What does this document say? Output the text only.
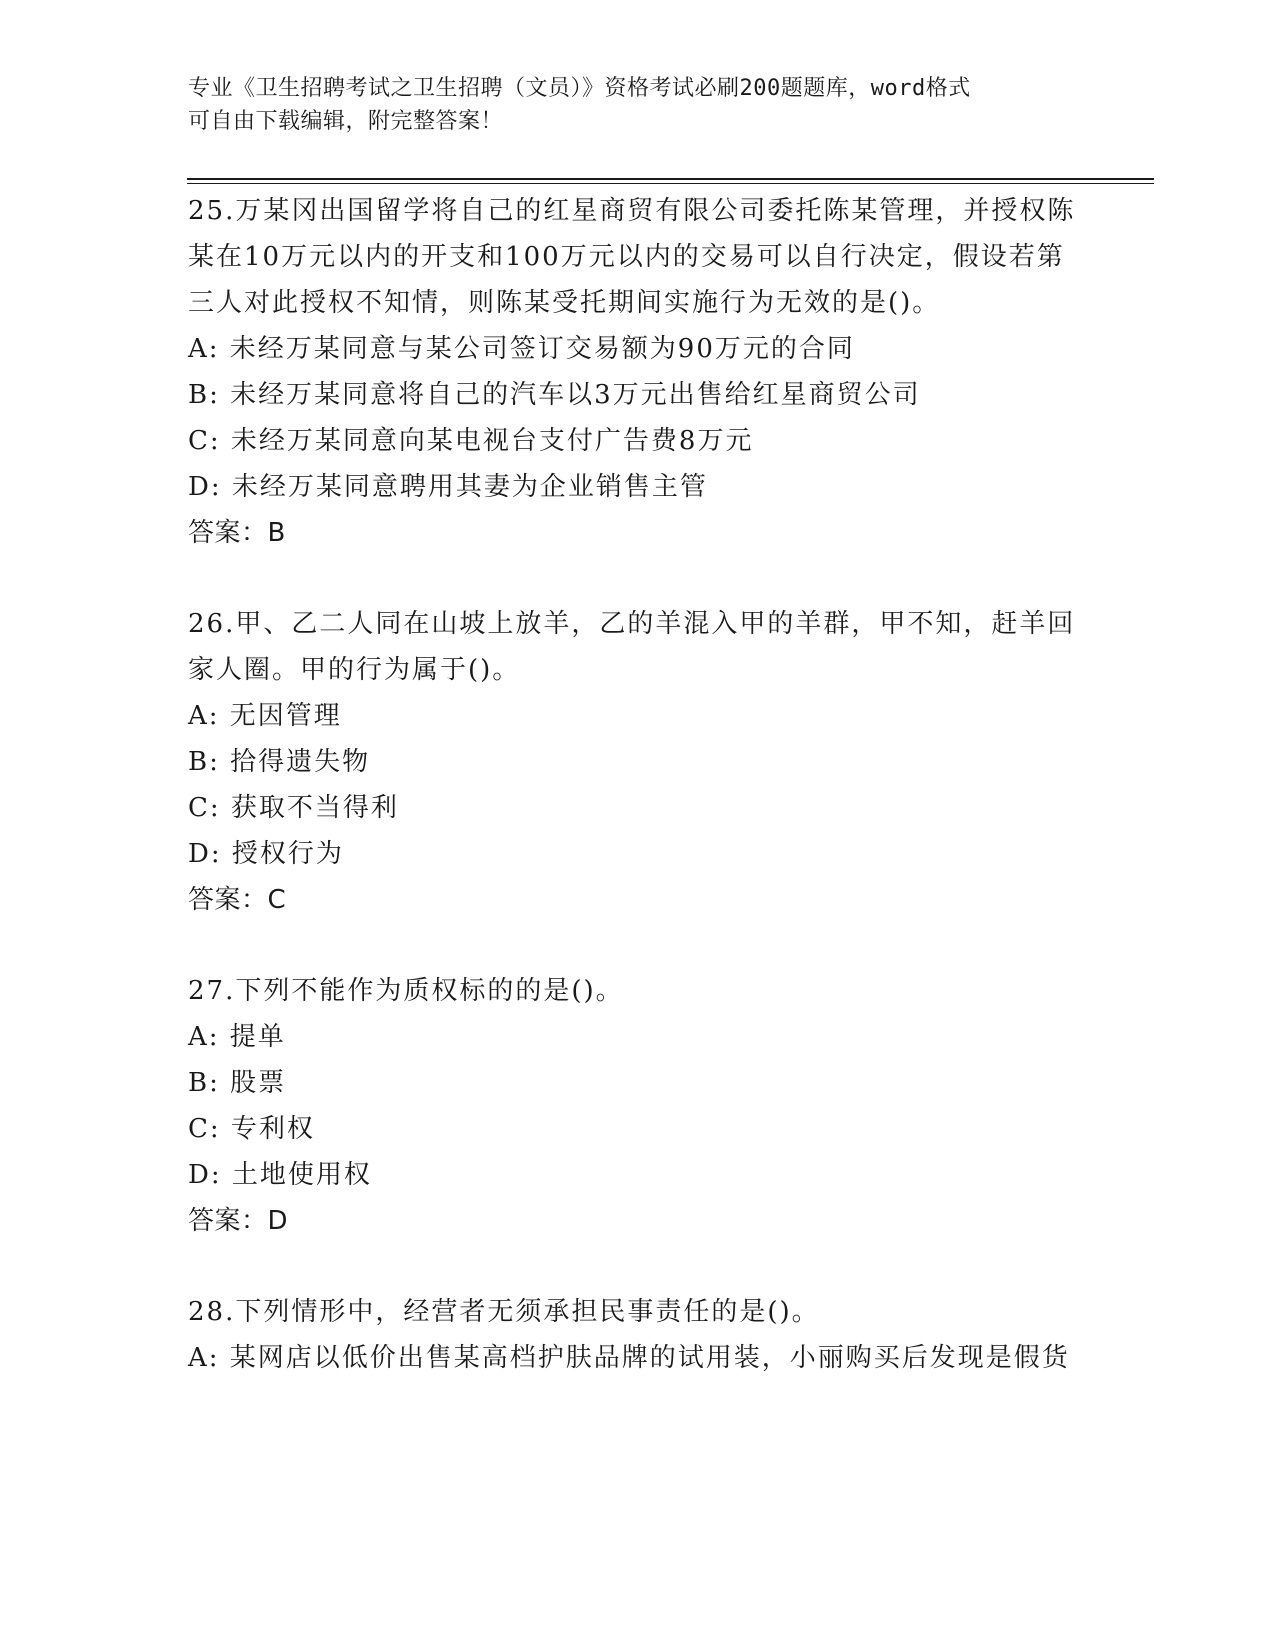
专业《卫生招聘考试之卫生招聘（文员）》资格考试必刷200题题库，word格式
可自由下载编辑，附完整答案！

25.万某冈出国留学将自己的红星商贸有限公司委托陈某管理，并授权陈某在10万元以内的开支和100万元以内的交易可以自行决定，假设若第三人对此授权不知情，则陈某受托期间实施行为无效的是()。

A: 未经万某同意与某公司签订交易额为90万元的合同

B: 未经万某同意将自己的汽车以3万元出售给红星商贸公司

C: 未经万某同意向某电视台支付广告费8万元

D: 未经万某同意聘用其妻为企业销售主管

答案：B

26.甲、乙二人同在山坡上放羊，乙的羊混入甲的羊群，甲不知，赶羊回家人圈。甲的行为属于()。

A: 无因管理

B: 拾得遗失物

C: 获取不当得利

D: 授权行为

答案：C

27.下列不能作为质权标的的是()。

A: 提单

B: 股票

C: 专利权

D: 土地使用权

答案：D

28.下列情形中，经营者无须承担民事责任的是()。

A: 某网店以低价出售某高档护肤品牌的试用装，小丽购买后发现是假货
